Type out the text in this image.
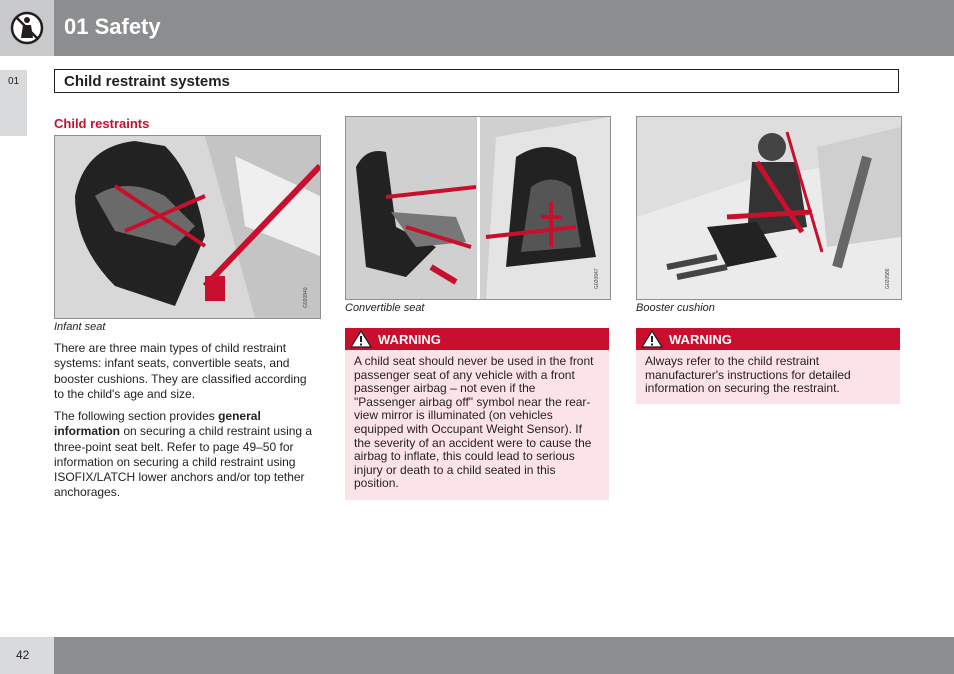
01 Safety
01	Child restraint systems
Child restraints
G020940
Infant seat
G020947
Convertible seat
G020586
Booster cushion

There are three main types of child restraint systems: infant seats, convertible seats, and booster cushions. They are classified according to the child's age and size.

The following section provides general information on securing a child restraint using a three-point seat belt. Refer to page 49–50 for information on securing a child restraint using ISOFIX/LATCH lower anchors and/or top tether anchorages.

WARNING

A child seat should never be used in the front passenger seat of any vehicle with a front passenger airbag – not even if the "Passenger airbag off" symbol near the rear-view mirror is illuminated (on vehicles equipped with Occupant Weight Sensor). If the severity of an accident were to cause the airbag to inflate, this could lead to serious injury or death to a child seated in this position.

WARNING

Always refer to the child restraint manufacturer's instructions for detailed information on securing the restraint.

42
